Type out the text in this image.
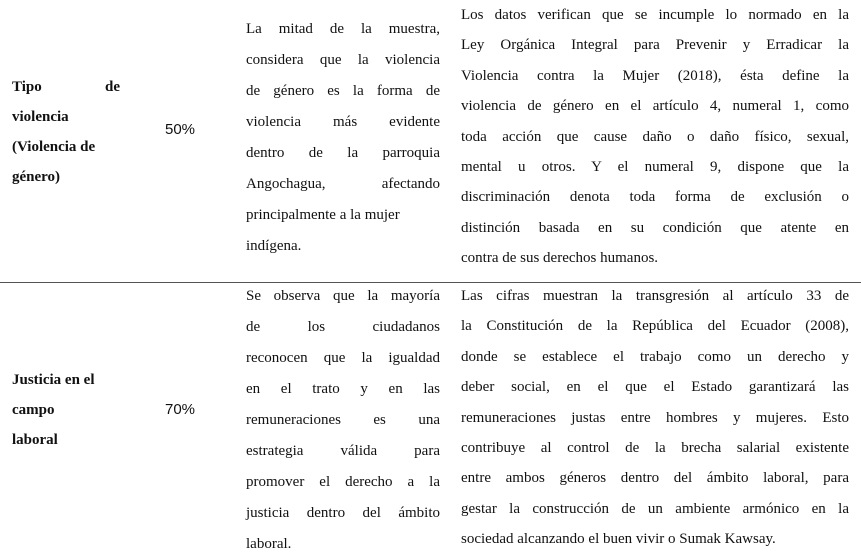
Tipo de
violencia
(Violencia de
género)
50%
La mitad de la muestra,
considera que la violencia
de género es la forma de
violencia más evidente
dentro de la parroquia
Angochagua, afectando
principalmente a la mujer
indígena.
Los datos verifican que se incumple lo normado en la
Ley Orgánica Integral para Prevenir y Erradicar la
Violencia contra la Mujer (2018), ésta define la
violencia de género en el artículo 4, numeral 1, como
toda acción que cause daño o daño físico, sexual,
mental u otros. Y el numeral 9, dispone que la
discriminación denota toda forma de exclusión o
distinción basada en su condición que atente en
contra de sus derechos humanos.
Justicia en el
campo
laboral
70%
Se observa que la mayoría
de los ciudadanos
reconocen que la igualdad
en el trato y en las
remuneraciones es una
estrategia válida para
promover el derecho a la
justicia dentro del ámbito
laboral.
Las cifras muestran la transgresión al artículo 33 de
la Constitución de la República del Ecuador (2008),
donde se establece el trabajo como un derecho y
deber social, en el que el Estado garantizará las
remuneraciones justas entre hombres y mujeres. Esto
contribuye al control de la brecha salarial existente
entre ambos géneros dentro del ámbito laboral, para
gestar la construcción de un ambiente armónico en la
sociedad alcanzando el buen vivir o Sumak Kawsay.
